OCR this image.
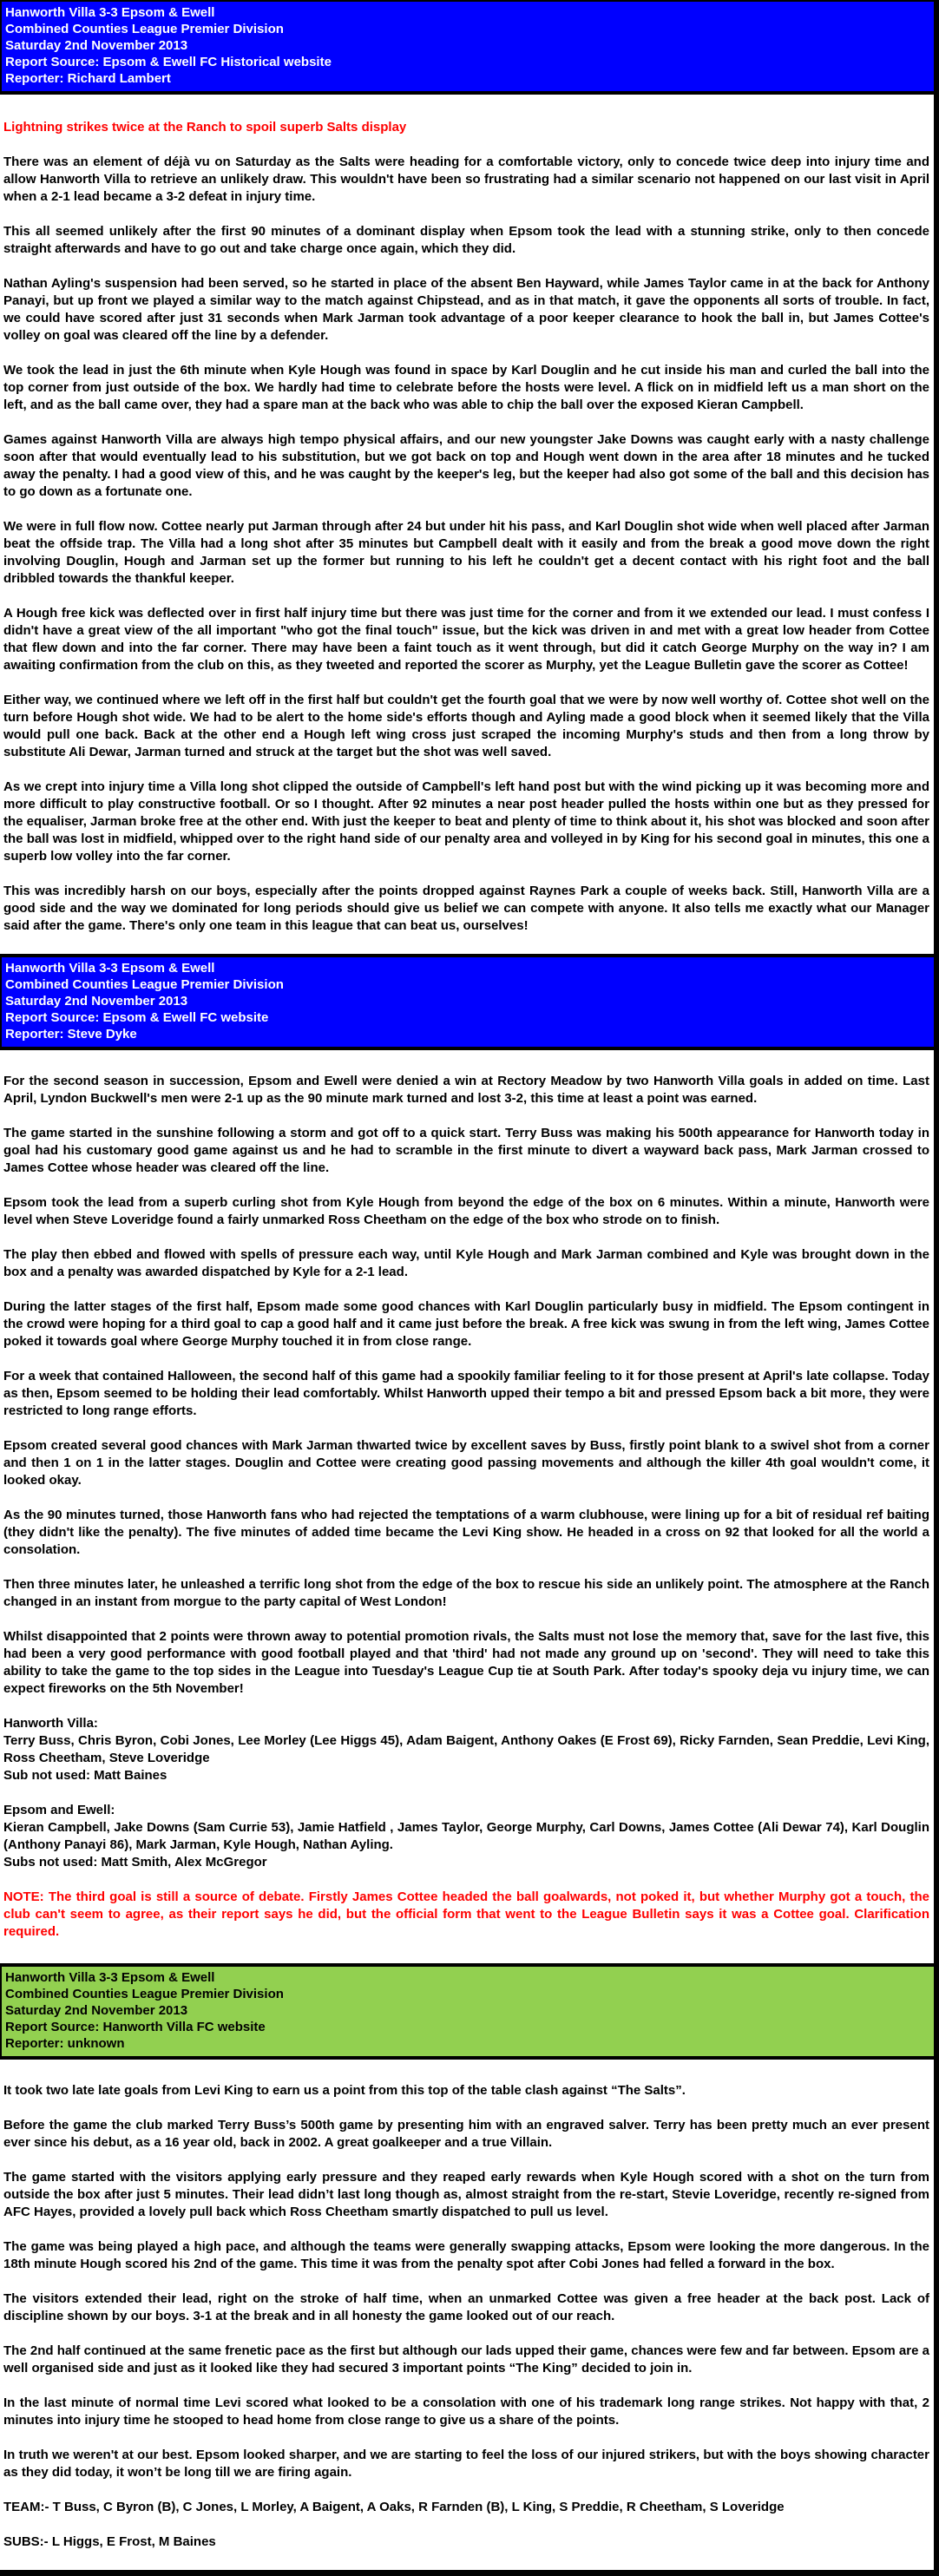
Hanworth Villa 3-3 Epsom & Ewell
Combined Counties League Premier Division
Saturday 2nd November 2013
Report Source: Epsom & Ewell FC Historical website
Reporter: Richard Lambert

Lightning strikes twice at the Ranch to spoil superb Salts display

There was an element of déjà vu on Saturday as the Salts were heading for a comfortable victory, only to concede twice deep into injury time and allow Hanworth Villa to retrieve an unlikely draw. This wouldn't have been so frustrating had a similar scenario not happened on our last visit in April when a 2-1 lead became a 3-2 defeat in injury time.

This all seemed unlikely after the first 90 minutes of a dominant display when Epsom took the lead with a stunning strike, only to then concede straight afterwards and have to go out and take charge once again, which they did.

Nathan Ayling's suspension had been served, so he started in place of the absent Ben Hayward, while James Taylor came in at the back for Anthony Panayi, but up front we played a similar way to the match against Chipstead, and as in that match, it gave the opponents all sorts of trouble. In fact, we could have scored after just 31 seconds when Mark Jarman took advantage of a poor keeper clearance to hook the ball in, but James Cottee's volley on goal was cleared off the line by a defender.

We took the lead in just the 6th minute when Kyle Hough was found in space by Karl Douglin and he cut inside his man and curled the ball into the top corner from just outside of the box. We hardly had time to celebrate before the hosts were level. A flick on in midfield left us a man short on the left, and as the ball came over, they had a spare man at the back who was able to chip the ball over the exposed Kieran Campbell.

Games against Hanworth Villa are always high tempo physical affairs, and our new youngster Jake Downs was caught early with a nasty challenge soon after that would eventually lead to his substitution, but we got back on top and Hough went down in the area after 18 minutes and he tucked away the penalty. I had a good view of this, and he was caught by the keeper's leg, but the keeper had also got some of the ball and this decision has to go down as a fortunate one.

We were in full flow now. Cottee nearly put Jarman through after 24 but under hit his pass, and Karl Douglin shot wide when well placed after Jarman beat the offside trap. The Villa had a long shot after 35 minutes but Campbell dealt with it easily and from the break a good move down the right involving Douglin, Hough and Jarman set up the former but running to his left he couldn't get a decent contact with his right foot and the ball dribbled towards the thankful keeper.

A Hough free kick was deflected over in first half injury time but there was just time for the corner and from it we extended our lead. I must confess I didn't have a great view of the all important "who got the final touch" issue, but the kick was driven in and met with a great low header from Cottee that flew down and into the far corner. There may have been a faint touch as it went through, but did it catch George Murphy on the way in? I am awaiting confirmation from the club on this, as they tweeted and reported the scorer as Murphy, yet the League Bulletin gave the scorer as Cottee!

Either way, we continued where we left off in the first half but couldn't get the fourth goal that we were by now well worthy of. Cottee shot well on the turn before Hough shot wide. We had to be alert to the home side's efforts though and Ayling made a good block when it seemed likely that the Villa would pull one back. Back at the other end a Hough left wing cross just scraped the incoming Murphy's studs and then from a long throw by substitute Ali Dewar, Jarman turned and struck at the target but the shot was well saved.

As we crept into injury time a Villa long shot clipped the outside of Campbell's left hand post but with the wind picking up it was becoming more and more difficult to play constructive football. Or so I thought. After 92 minutes a near post header pulled the hosts within one but as they pressed for the equaliser, Jarman broke free at the other end. With just the keeper to beat and plenty of time to think about it, his shot was blocked and soon after the ball was lost in midfield, whipped over to the right hand side of our penalty area and volleyed in by King for his second goal in minutes, this one a superb low volley into the far corner.

This was incredibly harsh on our boys, especially after the points dropped against Raynes Park a couple of weeks back. Still, Hanworth Villa are a good side and the way we dominated for long periods should give us belief we can compete with anyone. It also tells me exactly what our Manager said after the game. There's only one team in this league that can beat us, ourselves!

Hanworth Villa 3-3 Epsom & Ewell
Combined Counties League Premier Division
Saturday 2nd November 2013
Report Source: Epsom & Ewell FC website
Reporter: Steve Dyke

For the second season in succession, Epsom and Ewell were denied a win at Rectory Meadow by two Hanworth Villa goals in added on time. Last April, Lyndon Buckwell's men were 2-1 up as the 90 minute mark turned and lost 3-2, this time at least a point was earned.

The game started in the sunshine following a storm and got off to a quick start. Terry Buss was making his 500th appearance for Hanworth today in goal had his customary good game against us and he had to scramble in the first minute to divert a wayward back pass, Mark Jarman crossed to James Cottee whose header was cleared off the line.

Epsom took the lead from a superb curling shot from Kyle Hough from beyond the edge of the box on 6 minutes. Within a minute, Hanworth were level when Steve Loveridge found a fairly unmarked Ross Cheetham on the edge of the box who strode on to finish.

The play then ebbed and flowed with spells of pressure each way, until Kyle Hough and Mark Jarman combined and Kyle was brought down in the box and a penalty was awarded dispatched by Kyle for a 2-1 lead.

During the latter stages of the first half, Epsom made some good chances with Karl Douglin particularly busy in midfield. The Epsom contingent in the crowd were hoping for a third goal to cap a good half and it came just before the break. A free kick was swung in from the left wing, James Cottee poked it towards goal where George Murphy touched it in from close range.

For a week that contained Halloween, the second half of this game had a spookily familiar feeling to it for those present at April's late collapse. Today as then, Epsom seemed to be holding their lead comfortably. Whilst Hanworth upped their tempo a bit and pressed Epsom back a bit more, they were restricted to long range efforts.

Epsom created several good chances with Mark Jarman thwarted twice by excellent saves by Buss, firstly point blank to a swivel shot from a corner and then 1 on 1 in the latter stages. Douglin and Cottee were creating good passing movements and although the killer 4th goal wouldn't come, it looked okay.

As the 90 minutes turned, those Hanworth fans who had rejected the temptations of a warm clubhouse, were lining up for a bit of residual ref baiting (they didn't like the penalty). The five minutes of added time became the Levi King show. He headed in a cross on 92 that looked for all the world a consolation.

Then three minutes later, he unleashed a terrific long shot from the edge of the box to rescue his side an unlikely point. The atmosphere at the Ranch changed in an instant from morgue to the party capital of West London!

Whilst disappointed that 2 points were thrown away to potential promotion rivals, the Salts must not lose the memory that, save for the last five, this had been a very good performance with good football played and that 'third' had not made any ground up on 'second'. They will need to take this ability to take the game to the top sides in the League into Tuesday's League Cup tie at South Park. After today's spooky deja vu injury time, we can expect fireworks on the 5th November!

Hanworth Villa:
Terry Buss, Chris Byron, Cobi Jones, Lee Morley (Lee Higgs 45), Adam Baigent, Anthony Oakes (E Frost 69), Ricky Farnden, Sean Preddie, Levi King, Ross Cheetham, Steve Loveridge
Sub not used: Matt Baines

Epsom and Ewell:
Kieran Campbell, Jake Downs (Sam Currie 53), Jamie Hatfield , James Taylor, George Murphy, Carl Downs, James Cottee (Ali Dewar 74), Karl Douglin (Anthony Panayi 86), Mark Jarman, Kyle Hough, Nathan Ayling.
Subs not used: Matt Smith, Alex McGregor

NOTE: The third goal is still a source of debate. Firstly James Cottee headed the ball goalwards, not poked it, but whether Murphy got a touch, the club can't seem to agree, as their report says he did, but the official form that went to the League Bulletin says it was a Cottee goal. Clarification required.

Hanworth Villa 3-3 Epsom & Ewell
Combined Counties League Premier Division
Saturday 2nd November 2013
Report Source: Hanworth Villa FC website
Reporter: unknown

It took two late late goals from Levi King to earn us a point from this top of the table clash against “The Salts”.

Before the game the club marked Terry Buss’s 500th game by presenting him with an engraved salver. Terry has been pretty much an ever present ever since his debut, as a 16 year old, back in 2002. A great goalkeeper and a true Villain.

The game started with the visitors applying early pressure and they reaped early rewards when Kyle Hough scored with a shot on the turn from outside the box after just 5 minutes. Their lead didn’t last long though as, almost straight from the re-start, Stevie Loveridge, recently re-signed from AFC Hayes, provided a lovely pull back which Ross Cheetham smartly dispatched to pull us level.

The game was being played a high pace, and although the teams were generally swapping attacks, Epsom were looking the more dangerous. In the 18th minute Hough scored his 2nd of the game. This time it was from the penalty spot after Cobi Jones had felled a forward in the box.

The visitors extended their lead, right on the stroke of half time, when an unmarked Cottee was given a free header at the back post. Lack of discipline shown by our boys. 3-1 at the break and in all honesty the game looked out of our reach.

The 2nd half continued at the same frenetic pace as the first but although our lads upped their game, chances were few and far between. Epsom are a well organised side and just as it looked like they had secured 3 important points “The King” decided to join in.

In the last minute of normal time Levi scored what looked to be a consolation with one of his trademark long range strikes. Not happy with that, 2 minutes into injury time he stooped to head home from close range to give us a share of the points.

In truth we weren't at our best. Epsom looked sharper, and we are starting to feel the loss of our injured strikers, but with the boys showing character as they did today, it won’t be long till we are firing again.

TEAM:- T Buss, C Byron (B), C Jones, L Morley, A Baigent, A Oaks, R Farnden (B), L King, S Preddie, R Cheetham, S Loveridge

SUBS:- L Higgs, E Frost, M Baines
